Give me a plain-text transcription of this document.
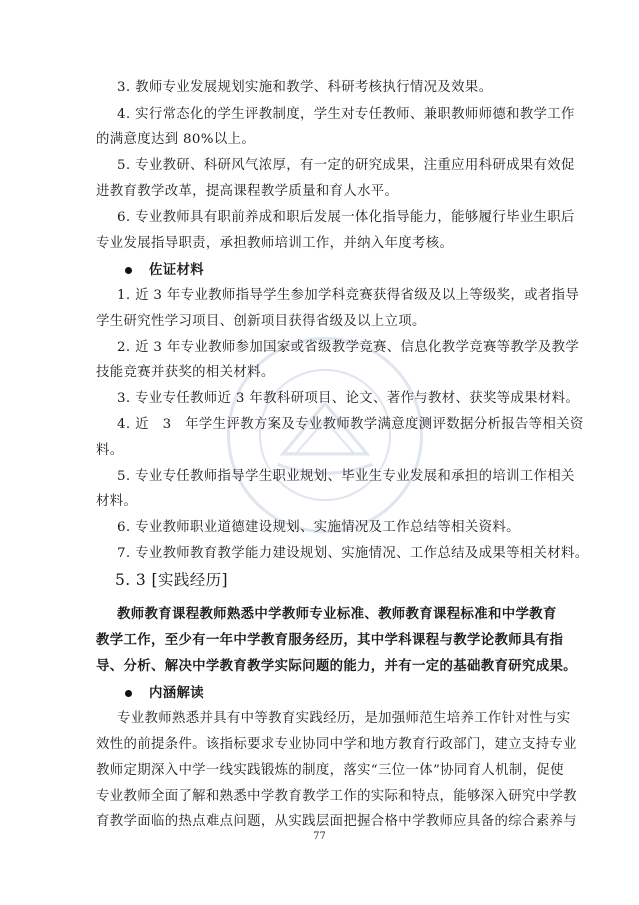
3. 教师专业发展规划实施和教学、科研考核执行情况及效果。
4. 实行常态化的学生评教制度，学生对专任教师、兼职教师师德和教学工作
的满意度达到 80%以上。
5. 专业教研、科研风气浓厚，有一定的研究成果，注重应用科研成果有效促
进教育教学改革，提高课程教学质量和育人水平。
6. 专业教师具有职前养成和职后发展一体化指导能力，能够履行毕业生职后
专业发展指导职责，承担教师培训工作，并纳入年度考核。
佐证材料
1. 近 3 年专业教师指导学生参加学科竞赛获得省级及以上等级奖，或者指导
学生研究性学习项目、创新项目获得省级及以上立项。
2. 近 3 年专业教师参加国家或省级教学竞赛、信息化教学竞赛等教学及教学
技能竞赛并获奖的相关材料。
3. 专业专任教师近 3 年教科研项目、论文、著作与教材、获奖等成果材料。
4. 近　3　年学生评教方案及专业教师教学满意度测评数据分析报告等相关资
料。
5. 专业专任教师指导学生职业规划、毕业生专业发展和承担的培训工作相关
材料。
6. 专业教师职业道德建设规划、实施情况及工作总结等相关资料。
7. 专业教师教育教学能力建设规划、实施情况、工作总结及成果等相关材料。
5. 3 [实践经历]
教师教育课程教师熟悉中学教师专业标准、教师教育课程标准和中学教育
教学工作，至少有一年中学教育服务经历，其中学科课程与教学论教师具有指
导、分析、解决中学教育教学实际问题的能力，并有一定的基础教育研究成果。
内涵解读
专业教师熟悉并具有中等教育实践经历，是加强师范生培养工作针对性与实
效性的前提条件。该指标要求专业协同中学和地方教育行政部门，建立支持专业
教师定期深入中学一线实践锻炼的制度，落实“三位一体”协同育人机制，促使
专业教师全面了解和熟悉中学教育教学工作的实际和特点，能够深入研究中学教
育教学面临的热点难点问题，从实践层面把握合格中学教师应具备的综合素养与
77
